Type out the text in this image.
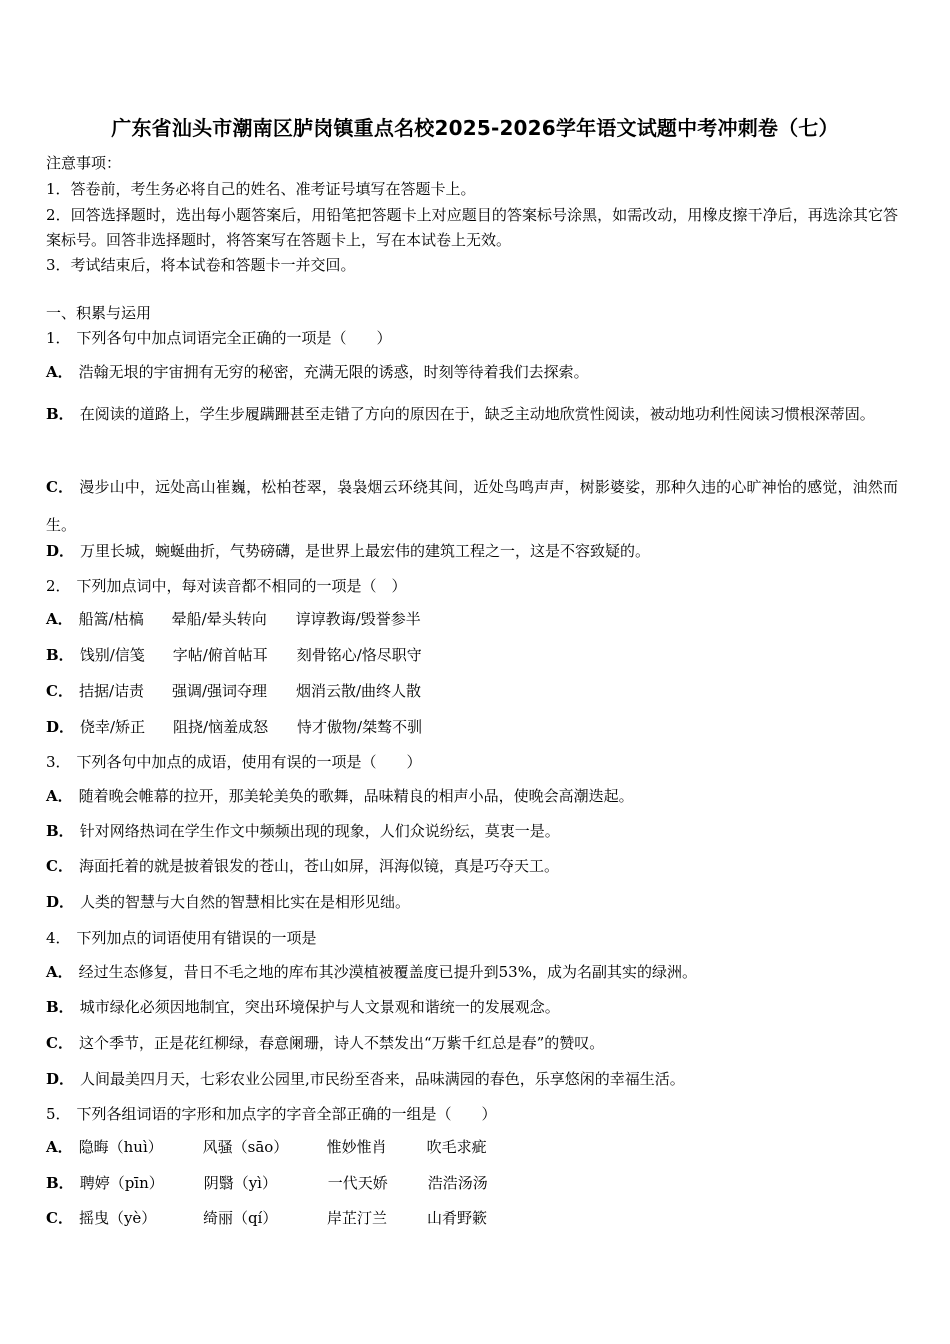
广东省汕头市潮南区胪岗镇重点名校2025-2026学年语文试题中考冲刺卷（七）
注意事项：
1．答卷前，考生务必将自己的姓名、准考证号填写在答题卡上。
2．回答选择题时，选出每小题答案后，用铅笔把答题卡上对应题目的答案标号涂黑，如需改动，用橡皮擦干净后，再选涂其它答案标号。回答非选择题时，将答案写在答题卡上，写在本试卷上无效。
3．考试结束后，将本试卷和答题卡一并交回。
一、积累与运用
1． 下列各句中加点词语完全正确的一项是（　　）
A． 浩翰无垠的宇宙拥有无穷的秘密，充满无限的诱惑，时刻等待着我们去探索。
B． 在阅读的道路上，学生步履蹒跚甚至走错了方向的原因在于，缺乏主动地欣赏性阅读，被动地功利性阅读习惯根深蒂固。
C． 漫步山中，远处高山崔巍，松柏苍翠，袅袅烟云环绕其间，近处鸟鸣声声，树影婆娑，那种久违的心旷神怡的感觉，油然而生。
D． 万里长城，蜿蜒曲折，气势磅礴，是世界上最宏伟的建筑工程之一，这是不容致疑的。
2． 下列加点词中，每对读音都不相同的一项是（　）
A． 船篙/枯槁 晕船/晕头转向 谆谆教诲/毁誉参半
B． 饯别/信笺 字帖/俯首帖耳 刻骨铭心/恪尽职守
C． 拮据/诘责 强调/强词夺理 烟消云散/曲终人散
D． 侥幸/矫正 阻挠/恼羞成怒 恃才傲物/桀骜不驯
3． 下列各句中加点的成语，使用有误的一项是（　　）
A． 随着晚会帷幕的拉开，那美轮美奂的歌舞，品味精良的相声小品，使晚会高潮迭起。
B． 针对网络热词在学生作文中频频出现的现象，人们众说纷纭，莫衷一是。
C． 海面托着的就是披着银发的苍山，苍山如屏，洱海似镜，真是巧夺天工。
D． 人类的智慧与大自然的智慧相比实在是相形见绌。
4． 下列加点的词语使用有错误的一项是
A． 经过生态修复，昔日不毛之地的库布其沙漠植被覆盖度已提升到53%，成为名副其实的绿洲。
B． 城市绿化必须因地制宜，突出环境保护与人文景观和谐统一的发展观念。
C． 这个季节，正是花红柳绿，春意阑珊，诗人不禁发出“万紫千红总是春”的赞叹。
D． 人间最美四月天，七彩农业公园里,市民纷至沓来，品味满园的春色，乐享悠闲的幸福生活。
5． 下列各组词语的字形和加点字的字音全部正确的一组是（　　）
A． 隐晦（huì）	风骚（sāo）	惟妙惟肖	吹毛求疵
B． 聘婷（pīn）	阴翳（yì）	一代天娇	浩浩汤汤
C． 摇曳（yè）	绮丽（qí）	岸芷汀兰	山肴野簌
